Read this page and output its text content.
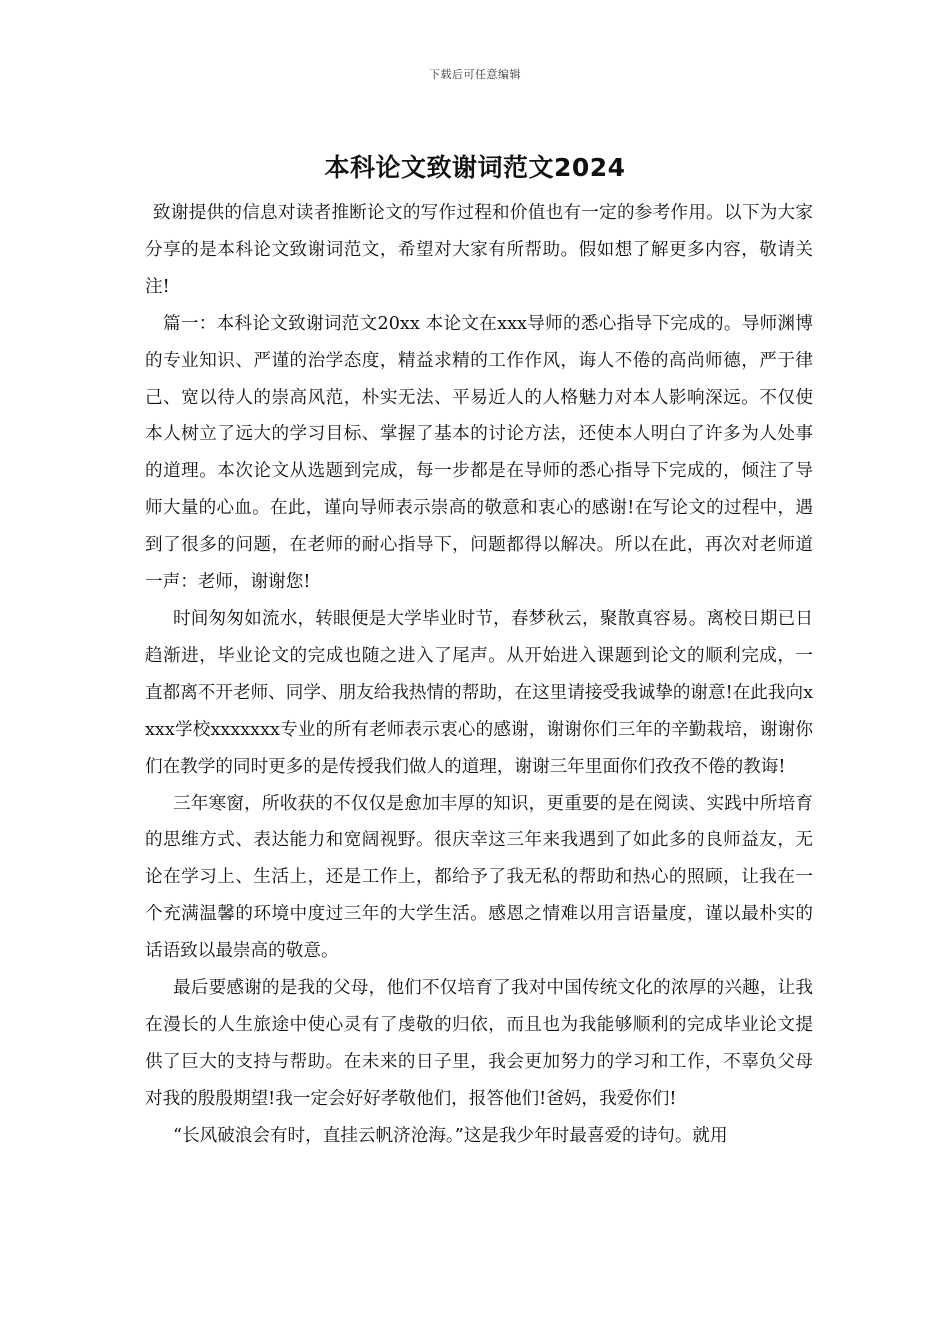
下载后可任意编辑
本科论文致谢词范文2024

致谢提供的信息对读者推断论文的写作过程和价值也有一定的参考作用。以下为大家分享的是本科论文致谢词范文，希望对大家有所帮助。假如想了解更多内容，敬请关注!

篇一：本科论文致谢词范文20xx 本论文在xxx导师的悉心指导下完成的。导师渊博的专业知识、严谨的治学态度，精益求精的工作作风，诲人不倦的高尚师德，严于律己、宽以待人的崇高风范，朴实无法、平易近人的人格魅力对本人影响深远。不仅使本人树立了远大的学习目标、掌握了基本的讨论方法，还使本人明白了许多为人处事的道理。本次论文从选题到完成，每一步都是在导师的悉心指导下完成的，倾注了导师大量的心血。在此，谨向导师表示崇高的敬意和衷心的感谢!在写论文的过程中，遇到了很多的问题，在老师的耐心指导下，问题都得以解决。所以在此，再次对老师道一声：老师，谢谢您!

时间匆匆如流水，转眼便是大学毕业时节，春梦秋云，聚散真容易。离校日期已日趋渐进，毕业论文的完成也随之进入了尾声。从开始进入课题到论文的顺利完成，一直都离不开老师、同学、朋友给我热情的帮助，在这里请接受我诚挚的谢意!在此我向xxxx学校xxxxxxx专业的所有老师表示衷心的感谢，谢谢你们三年的辛勤栽培，谢谢你们在教学的同时更多的是传授我们做人的道理，谢谢三年里面你们孜孜不倦的教诲!

三年寒窗，所收获的不仅仅是愈加丰厚的知识，更重要的是在阅读、实践中所培育的思维方式、表达能力和宽阔视野。很庆幸这三年来我遇到了如此多的良师益友，无论在学习上、生活上，还是工作上，都给予了我无私的帮助和热心的照顾，让我在一个充满温馨的环境中度过三年的大学生活。感恩之情难以用言语量度，谨以最朴实的话语致以最崇高的敬意。

最后要感谢的是我的父母，他们不仅培育了我对中国传统文化的浓厚的兴趣，让我在漫长的人生旅途中使心灵有了虔敬的归依，而且也为我能够顺利的完成毕业论文提供了巨大的支持与帮助。在未来的日子里，我会更加努力的学习和工作，不辜负父母对我的殷殷期望!我一定会好好孝敬他们，报答他们!爸妈，我爱你们!

“长风破浪会有时，直挂云帆济沧海。”这是我少年时最喜爱的诗句。就用
